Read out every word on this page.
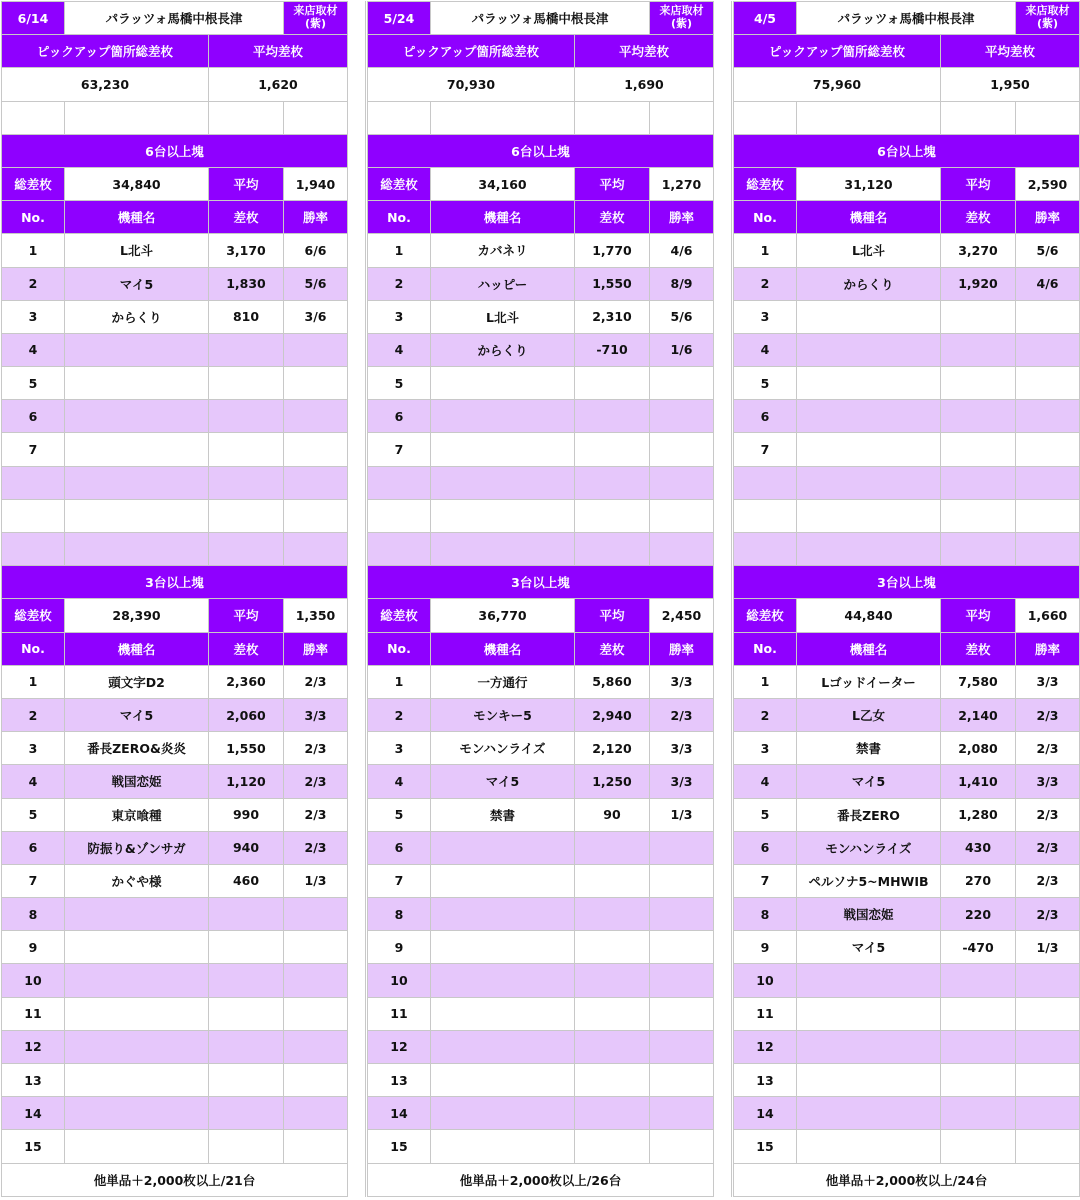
6/14	パラッツォ馬橋中根長津
来店取材
(紫)
ピックアップ箇所総差枚	平均差枚
63,230	1,620
6台以上塊
総差枚	34,840	平均	1,940
No.	機種名	差枚	勝率
1	L北斗	3,170	6/6
2	マイ5	1,830	5/6
3	からくり	810	3/6
4
5
6
7
3台以上塊
総差枚	28,390	平均	1,350
No.	機種名	差枚	勝率
1	頭文字D2	2,360	2/3
2	マイ5	2,060	3/3
3	番長ZERO&炎炎	1,550	2/3
4	戦国恋姫	1,120	2/3
5	東京喰種	990	2/3
6	防振り&ゾンサガ	940	2/3
7	かぐや様	460	1/3
8
9
10
11
12
13
14
15
他単品＋2,000枚以上/21台
5/24	パラッツォ馬橋中根長津
来店取材
(紫)
ピックアップ箇所総差枚	平均差枚
70,930	1,690
6台以上塊
総差枚	34,160	平均	1,270
No.	機種名	差枚	勝率
1	カバネリ	1,770	4/6
2	ハッピー	1,550	8/9
3	L北斗	2,310	5/6
4	からくり	-710	1/6
5
6
7
3台以上塊
総差枚	36,770	平均	2,450
No.	機種名	差枚	勝率
1	一方通行	5,860	3/3
2	モンキー5	2,940	2/3
3	モンハンライズ	2,120	3/3
4	マイ5	1,250	3/3
5	禁書	90	1/3
6
7
8
9
10
11
12
13
14
15
他単品＋2,000枚以上/26台
4/5	パラッツォ馬橋中根長津
来店取材
(紫)
ピックアップ箇所総差枚	平均差枚
75,960	1,950
6台以上塊
総差枚	31,120	平均	2,590
No.	機種名	差枚	勝率
1	L北斗	3,270	5/6
2	からくり	1,920	4/6
3
4
5
6
7
3台以上塊
総差枚	44,840	平均	1,660
No.	機種名	差枚	勝率
1	Lゴッドイーター	7,580	3/3
2	L乙女	2,140	2/3
3	禁書	2,080	2/3
4	マイ5	1,410	3/3
5	番長ZERO	1,280	2/3
6	モンハンライズ	430	2/3
7	ペルソナ5~MHWIB	270	2/3
8	戦国恋姫	220	2/3
9	マイ5	-470	1/3
10
11
12
13
14
15
他単品＋2,000枚以上/24台
